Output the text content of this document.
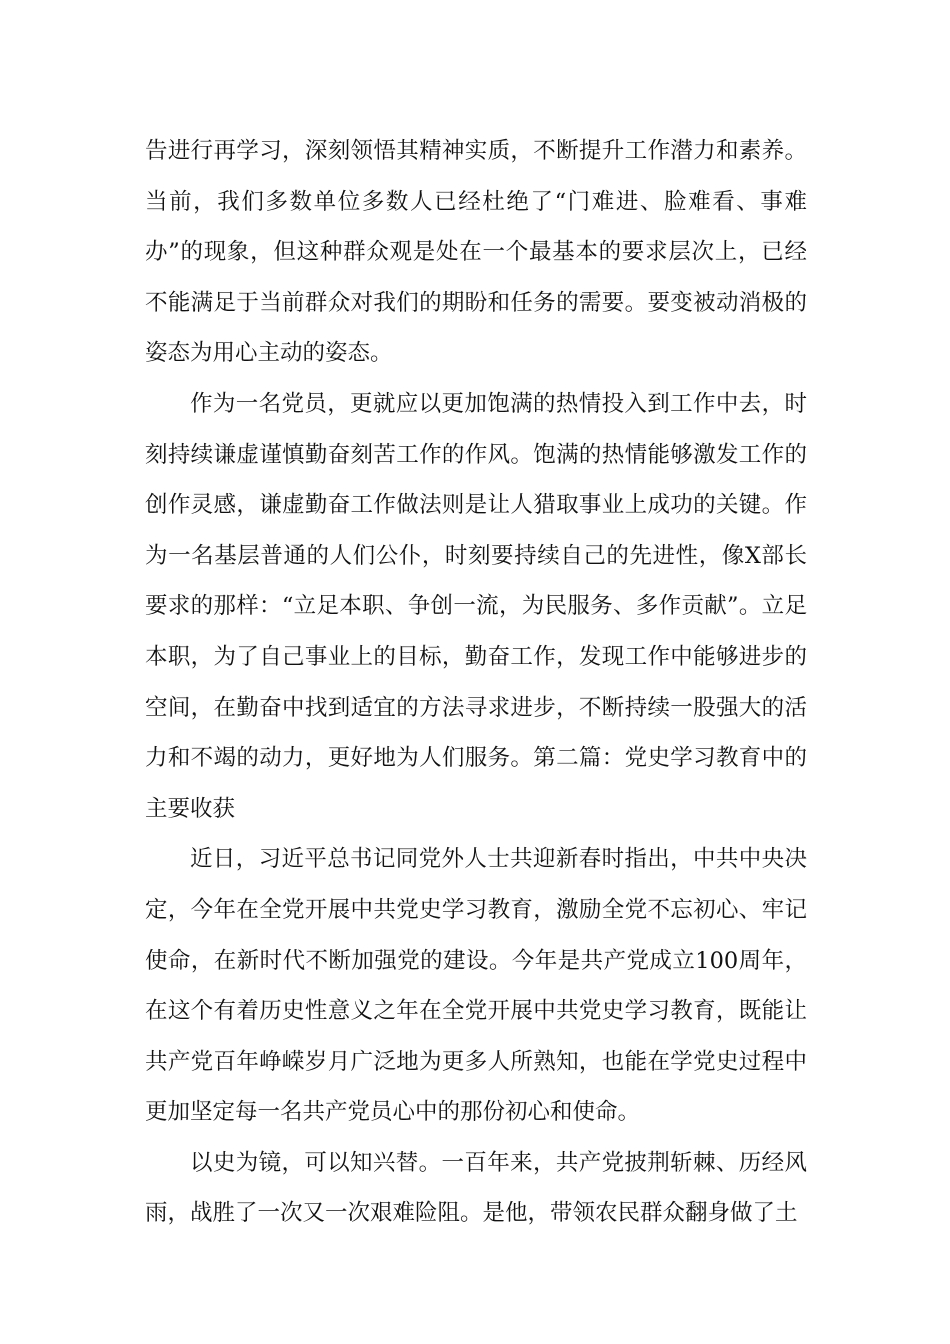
告进行再学习，深刻领悟其精神实质，不断提升工作潜力和素养。当前，我们多数单位多数人已经杜绝了“门难进、脸难看、事难办”的现象，但这种群众观是处在一个最基本的要求层次上，已经不能满足于当前群众对我们的期盼和任务的需要。要变被动消极的姿态为用心主动的姿态。

作为一名党员，更就应以更加饱满的热情投入到工作中去，时刻持续谦虚谨慎勤奋刻苦工作的作风。饱满的热情能够激发工作的创作灵感，谦虚勤奋工作做法则是让人猎取事业上成功的关键。作为一名基层普通的人们公仆，时刻要持续自己的先进性，像X部长要求的那样：“立足本职、争创一流，为民服务、多作贡献”。立足本职，为了自己事业上的目标，勤奋工作，发现工作中能够进步的空间，在勤奋中找到适宜的方法寻求进步，不断持续一股强大的活力和不竭的动力，更好地为人们服务。第二篇：党史学习教育中的主要收获

近日，习近平总书记同党外人士共迎新春时指出，中共中央决定，今年在全党开展中共党史学习教育，激励全党不忘初心、牢记使命，在新时代不断加强党的建设。今年是共产党成立100周年，在这个有着历史性意义之年在全党开展中共党史学习教育，既能让共产党百年峥嵘岁月广泛地为更多人所熟知，也能在学党史过程中更加坚定每一名共产党员心中的那份初心和使命。

以史为镜，可以知兴替。一百年来，共产党披荆斩棘、历经风雨，战胜了一次又一次艰难险阻。是他，带领农民群众翻身做了土
